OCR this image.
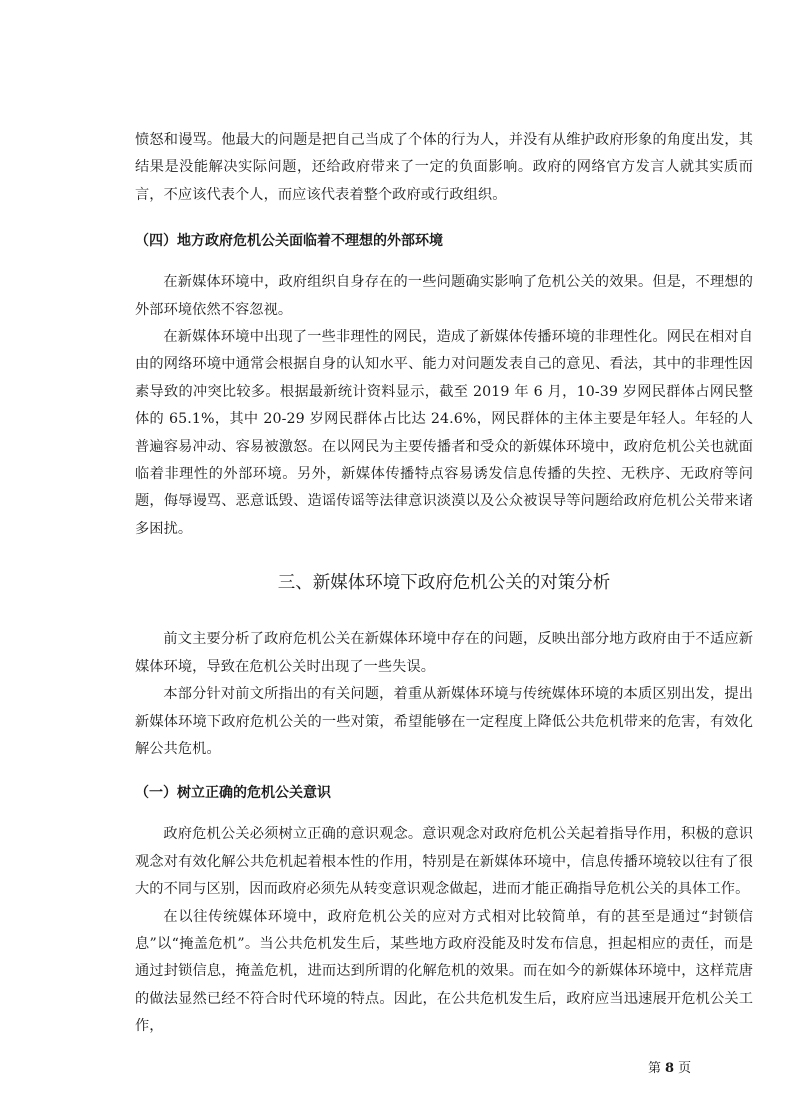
愤怒和谩骂。他最大的问题是把自己当成了个体的行为人，并没有从维护政府形象的角度出发，其结果是没能解决实际问题，还给政府带来了一定的负面影响。政府的网络官方发言人就其实质而言，不应该代表个人，而应该代表着整个政府或行政组织。

（四）地方政府危机公关面临着不理想的外部环境

在新媒体环境中，政府组织自身存在的一些问题确实影响了危机公关的效果。但是，不理想的外部环境依然不容忽视。

在新媒体环境中出现了一些非理性的网民，造成了新媒体传播环境的非理性化。网民在相对自由的网络环境中通常会根据自身的认知水平、能力对问题发表自己的意见、看法，其中的非理性因素导致的冲突比较多。根据最新统计资料显示，截至 2019 年 6 月，10-39 岁网民群体占网民整体的 65.1%，其中 20-29 岁网民群体占比达 24.6%，网民群体的主体主要是年轻人。年轻的人普遍容易冲动、容易被激怒。在以网民为主要传播者和受众的新媒体环境中，政府危机公关也就面临着非理性的外部环境。另外，新媒体传播特点容易诱发信息传播的失控、无秩序、无政府等问题，侮辱谩骂、恶意诋毁、造谣传谣等法律意识淡漠以及公众被误导等问题给政府危机公关带来诸多困扰。

三、新媒体环境下政府危机公关的对策分析

前文主要分析了政府危机公关在新媒体环境中存在的问题，反映出部分地方政府由于不适应新媒体环境，导致在危机公关时出现了一些失误。

本部分针对前文所指出的有关问题，着重从新媒体环境与传统媒体环境的本质区别出发，提出新媒体环境下政府危机公关的一些对策，希望能够在一定程度上降低公共危机带来的危害，有效化解公共危机。

（一）树立正确的危机公关意识

政府危机公关必须树立正确的意识观念。意识观念对政府危机公关起着指导作用，积极的意识观念对有效化解公共危机起着根本性的作用，特别是在新媒体环境中，信息传播环境较以往有了很大的不同与区别，因而政府必须先从转变意识观念做起，进而才能正确指导危机公关的具体工作。

在以往传统媒体环境中，政府危机公关的应对方式相对比较简单，有的甚至是通过“封锁信息”以“掩盖危机”。当公共危机发生后，某些地方政府没能及时发布信息，担起相应的责任，而是通过封锁信息，掩盖危机，进而达到所谓的化解危机的效果。而在如今的新媒体环境中，这样荒唐的做法显然已经不符合时代环境的特点。因此，在公共危机发生后，政府应当迅速展开危机公关工作，

第 8 页
